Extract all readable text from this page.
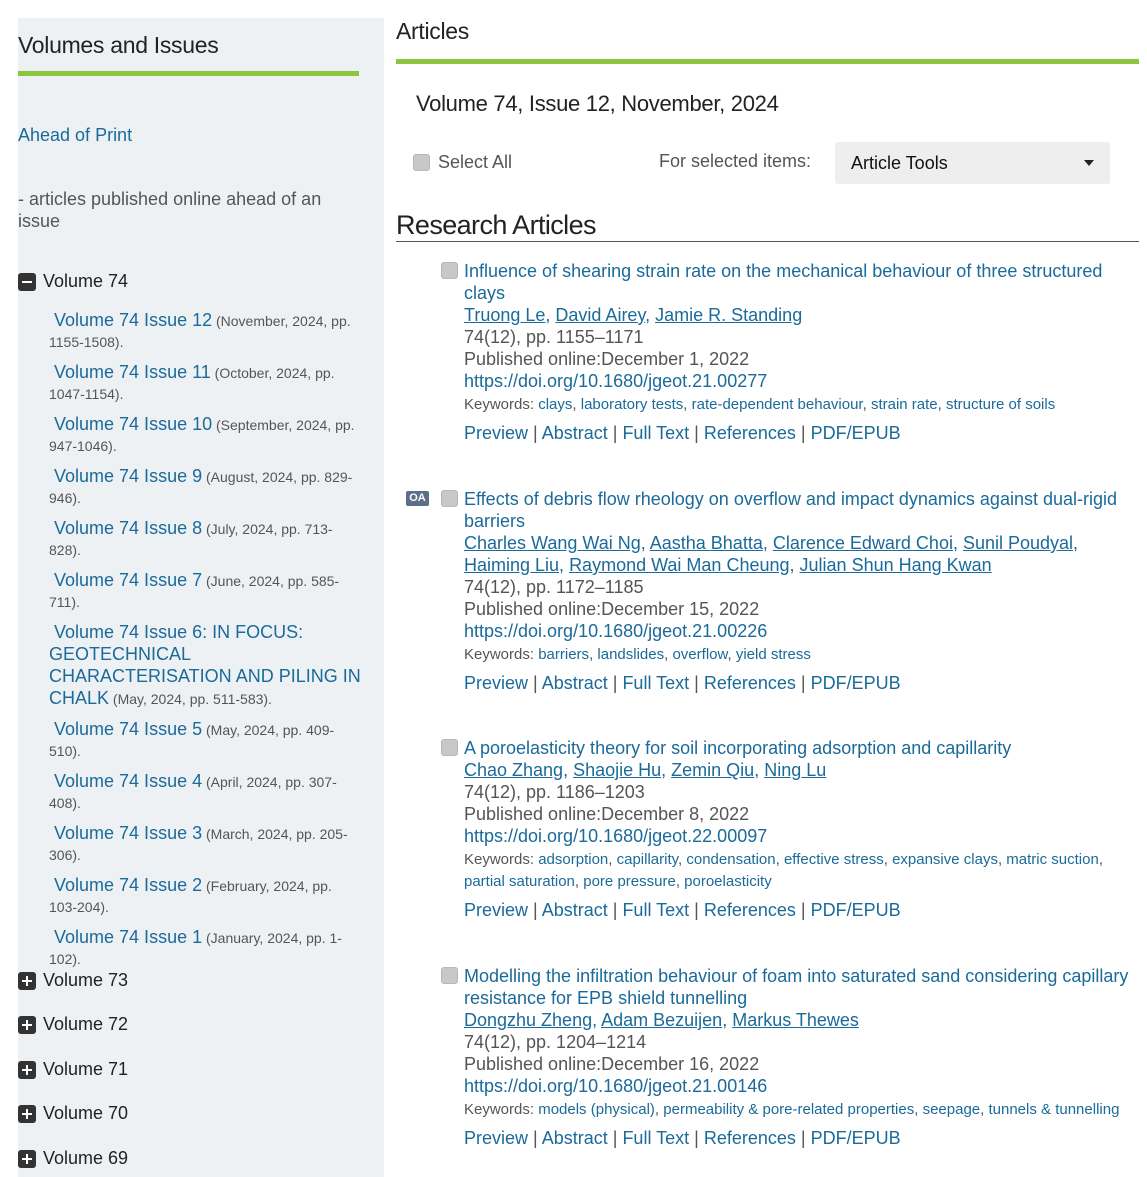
Volumes and Issues
Ahead of Print
- articles published online ahead of an issue
Volume 74
Volume 74 Issue 12 (November, 2024, pp. 1155-1508).
Volume 74 Issue 11 (October, 2024, pp. 1047-1154).
Volume 74 Issue 10 (September, 2024, pp. 947-1046).
Volume 74 Issue 9 (August, 2024, pp. 829-946).
Volume 74 Issue 8 (July, 2024, pp. 713-828).
Volume 74 Issue 7 (June, 2024, pp. 585-711).
Volume 74 Issue 6: IN FOCUS: GEOTECHNICAL CHARACTERISATION AND PILING IN CHALK (May, 2024, pp. 511-583).
Volume 74 Issue 5 (May, 2024, pp. 409-510).
Volume 74 Issue 4 (April, 2024, pp. 307-408).
Volume 74 Issue 3 (March, 2024, pp. 205-306).
Volume 74 Issue 2 (February, 2024, pp. 103-204).
Volume 74 Issue 1 (January, 2024, pp. 1-102).
Volume 73
Volume 72
Volume 71
Volume 70
Volume 69
Articles
Volume 74, Issue 12, November, 2024
Select All	For selected items: Article Tools
Research Articles
Influence of shearing strain rate on the mechanical behaviour of three structured clays
Truong Le, David Airey, Jamie R. Standing
74(12), pp. 1155–1171
Published online:December 1, 2022
https://doi.org/10.1680/jgeot.21.00277
Keywords: clays, laboratory tests, rate-dependent behaviour, strain rate, structure of soils
Preview | Abstract | Full Text | References | PDF/EPUB
OA Effects of debris flow rheology on overflow and impact dynamics against dual-rigid barriers
Charles Wang Wai Ng, Aastha Bhatta, Clarence Edward Choi, Sunil Poudyal, Haiming Liu, Raymond Wai Man Cheung, Julian Shun Hang Kwan
74(12), pp. 1172–1185
Published online:December 15, 2022
https://doi.org/10.1680/jgeot.21.00226
Keywords: barriers, landslides, overflow, yield stress
Preview | Abstract | Full Text | References | PDF/EPUB
A poroelasticity theory for soil incorporating adsorption and capillarity
Chao Zhang, Shaojie Hu, Zemin Qiu, Ning Lu
74(12), pp. 1186–1203
Published online:December 8, 2022
https://doi.org/10.1680/jgeot.22.00097
Keywords: adsorption, capillarity, condensation, effective stress, expansive clays, matric suction, partial saturation, pore pressure, poroelasticity
Preview | Abstract | Full Text | References | PDF/EPUB
Modelling the infiltration behaviour of foam into saturated sand considering capillary resistance for EPB shield tunnelling
Dongzhu Zheng, Adam Bezuijen, Markus Thewes
74(12), pp. 1204–1214
Published online:December 16, 2022
https://doi.org/10.1680/jgeot.21.00146
Keywords: models (physical), permeability & pore-related properties, seepage, tunnels & tunnelling
Preview | Abstract | Full Text | References | PDF/EPUB
